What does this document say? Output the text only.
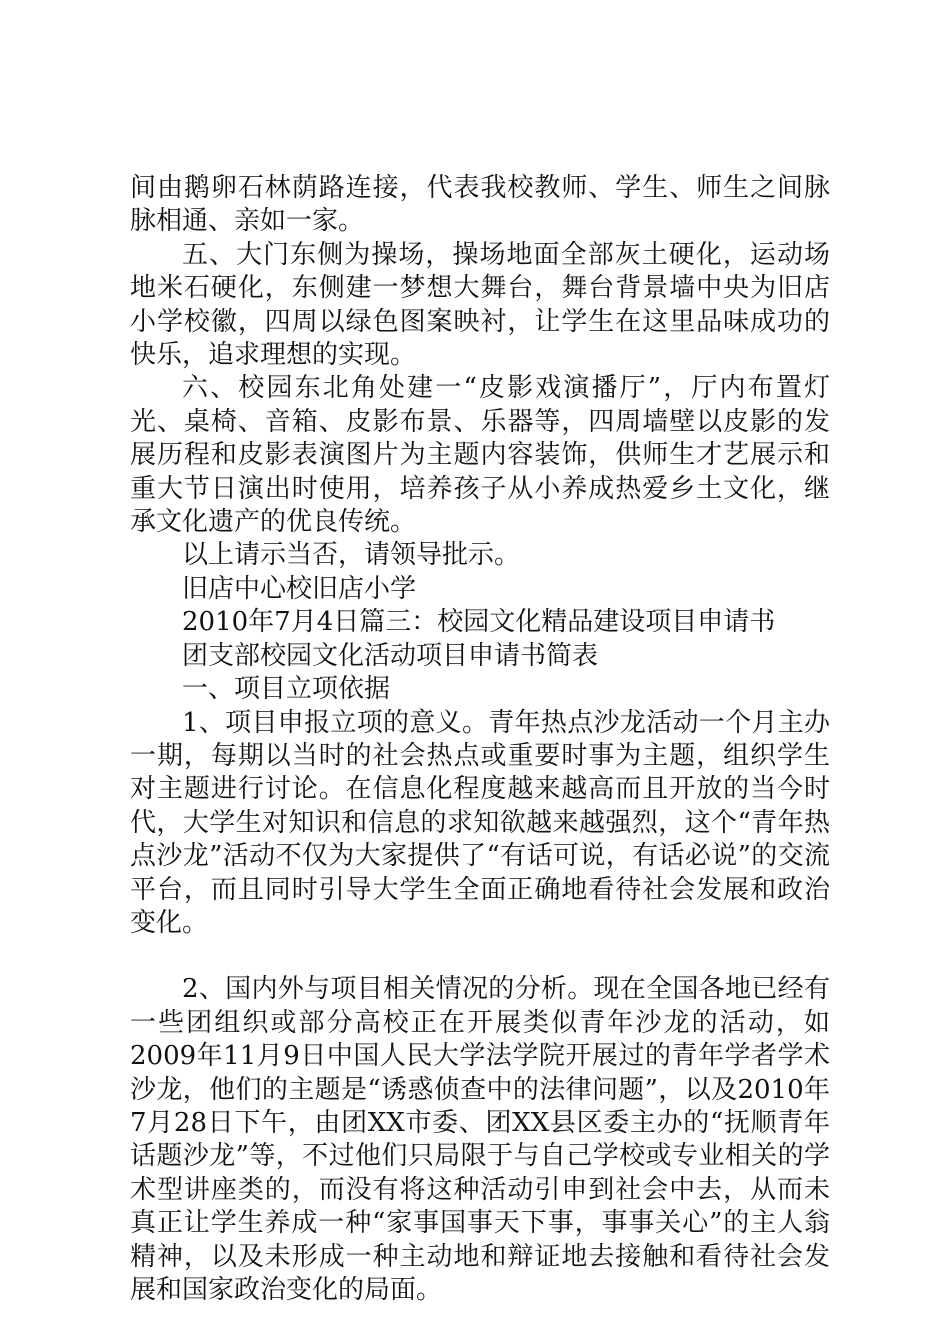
间由鹅卵石林荫路连接，代表我校教师、学生、师生之间脉脉相通、亲如一家。

五、大门东侧为操场，操场地面全部灰土硬化，运动场地米石硬化，东侧建一梦想大舞台，舞台背景墙中央为旧店小学校徽，四周以绿色图案映衬，让学生在这里品味成功的快乐，追求理想的实现。

六、校园东北角处建一“皮影戏演播厅”，厅内布置灯光、桌椅、音箱、皮影布景、乐器等，四周墙壁以皮影的发展历程和皮影表演图片为主题内容装饰，供师生才艺展示和重大节日演出时使用，培养孩子从小养成热爱乡土文化，继承文化遗产的优良传统。

以上请示当否，请领导批示。

旧店中心校旧店小学

2010年7月4日篇三：校园文化精品建设项目申请书

团支部校园文化活动项目申请书简表

一、项目立项依据

1、项目申报立项的意义。青年热点沙龙活动一个月主办一期，每期以当时的社会热点或重要时事为主题，组织学生对主题进行讨论。在信息化程度越来越高而且开放的当今时代，大学生对知识和信息的求知欲越来越强烈，这个“青年热点沙龙”活动不仅为大家提供了“有话可说，有话必说”的交流平台，而且同时引导大学生全面正确地看待社会发展和政治变化。

2、国内外与项目相关情况的分析。现在全国各地已经有一些团组织或部分高校正在开展类似青年沙龙的活动，如2009年11月9日中国人民大学法学院开展过的青年学者学术沙龙，他们的主题是“诱惑侦查中的法律问题”，以及2010年7月28日下午，由团XX市委、团XX县区委主办的“抚顺青年话题沙龙”等，不过他们只局限于与自己学校或专业相关的学术型讲座类的，而没有将这种活动引申到社会中去，从而未真正让学生养成一种“家事国事天下事，事事关心”的主人翁精神，以及未形成一种主动地和辩证地去接触和看待社会发展和国家政治变化的局面。
